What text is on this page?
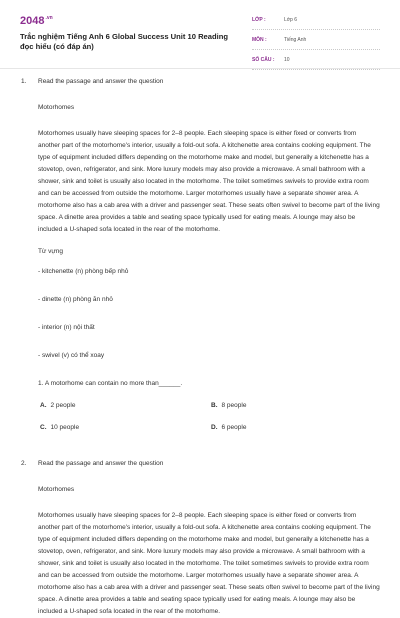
$2048^{.vn}$
Trắc nghiệm Tiếng Anh 6 Global Success Unit 10 Reading đọc hiểu (có đáp án)
LỚP :	Lớp 6
MÔN :	Tiếng Anh
SỐ CÂU : 10
1. Read the passage and answer the question

Motorhomes

Motorhomes usually have sleeping spaces for 2–8 people. Each sleeping space is either fixed or converts from another part of the motorhome's interior, usually a fold-out sofa. A kitchenette area contains cooking equipment. The type of equipment included differs depending on the motorhome make and model, but generally a kitchenette has a stovetop, oven, refrigerator, and sink. More luxury models may also provide a microwave. A small bathroom with a shower, sink and toilet is usually also located in the motorhome. The toilet sometimes swivels to provide extra room and can be accessed from outside the motorhome. Larger motorhomes usually have a separate shower area. A motorhome also has a cab area with a driver and passenger seat. These seats often swivel to become part of the living space. A dinette area provides a table and seating space typically used for eating meals. A lounge may also be included a U-shaped sofa located in the rear of the motorhome.

Từ vựng

- kitchenette (n) phòng bếp nhỏ

- dinette (n) phòng ăn nhỏ

- interior (n) nội thất

- swivel (v) có thể xoay

1. A motorhome can contain no more than______.

A. 2 people	B. 8 people
C. 10 people	D. 6 people
2. Read the passage and answer the question

Motorhomes

Motorhomes usually have sleeping spaces for 2–8 people. Each sleeping space is either fixed or converts from another part of the motorhome's interior, usually a fold-out sofa. A kitchenette area contains cooking equipment. The type of equipment included differs depending on the motorhome make and model, but generally a kitchenette has a stovetop, oven, refrigerator, and sink. More luxury models may also provide a microwave. A small bathroom with a shower, sink and toilet is usually also located in the motorhome. The toilet sometimes swivels to provide extra room and can be accessed from outside the motorhome. Larger motorhomes usually have a separate shower area. A motorhome also has a cab area with a driver and passenger seat. These seats often swivel to become part of the living space. A dinette area provides a table and seating space typically used for eating meals. A lounge may also be included a U-shaped sofa located in the rear of the motorhome.
